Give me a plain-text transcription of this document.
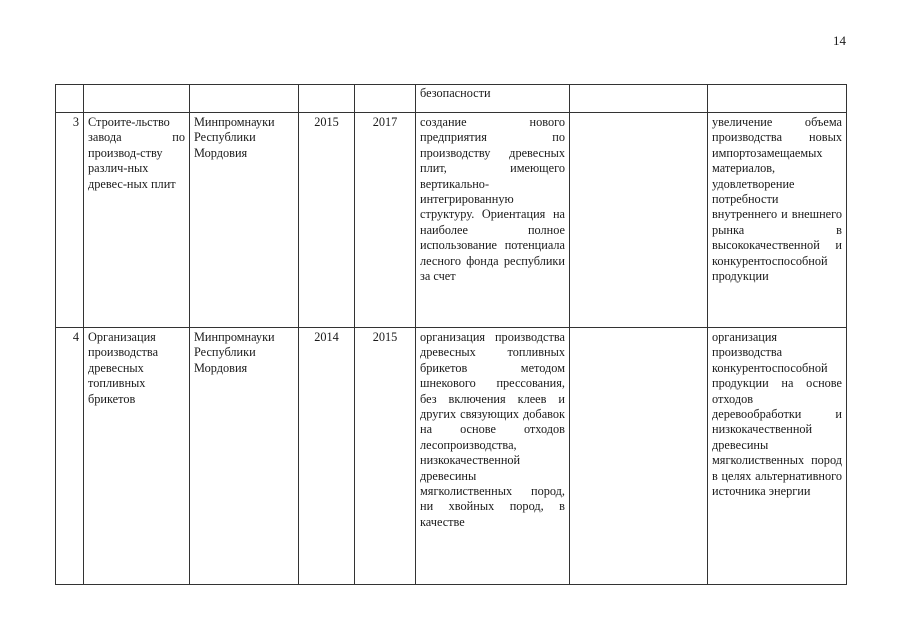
14
					безопасности		
3	Строите-льство завода по производ-ству различ-ных древес-ных плит	Минпромнауки Республики Мордовия	2015	2017	создание нового предприятия по производству древесных плит, имеющего вертикально-интегрированную структуру. Ориентация на наиболее полное использование потенциала лесного фонда республики за счет		увеличение объема производства новых импортозамещаемых материалов, удовлетворение потребности внутреннего и внешнего рынка в высококачественной и конкурентоспособной продукции
4	Организация производства древесных топливных брикетов	Минпромнауки Республики Мордовия	2014	2015	организация производства древесных топливных брикетов методом шнекового прессования, без включения клеев и других связующих добавок на основе отходов лесопроизводства, низкокачественной древесины мягколиственных пород, ни хвойных пород, в качестве		организация производства конкурентоспособной продукции на основе отходов деревообработки и низкокачественной древесины мягколиственных пород в целях альтернативного источника энергии
